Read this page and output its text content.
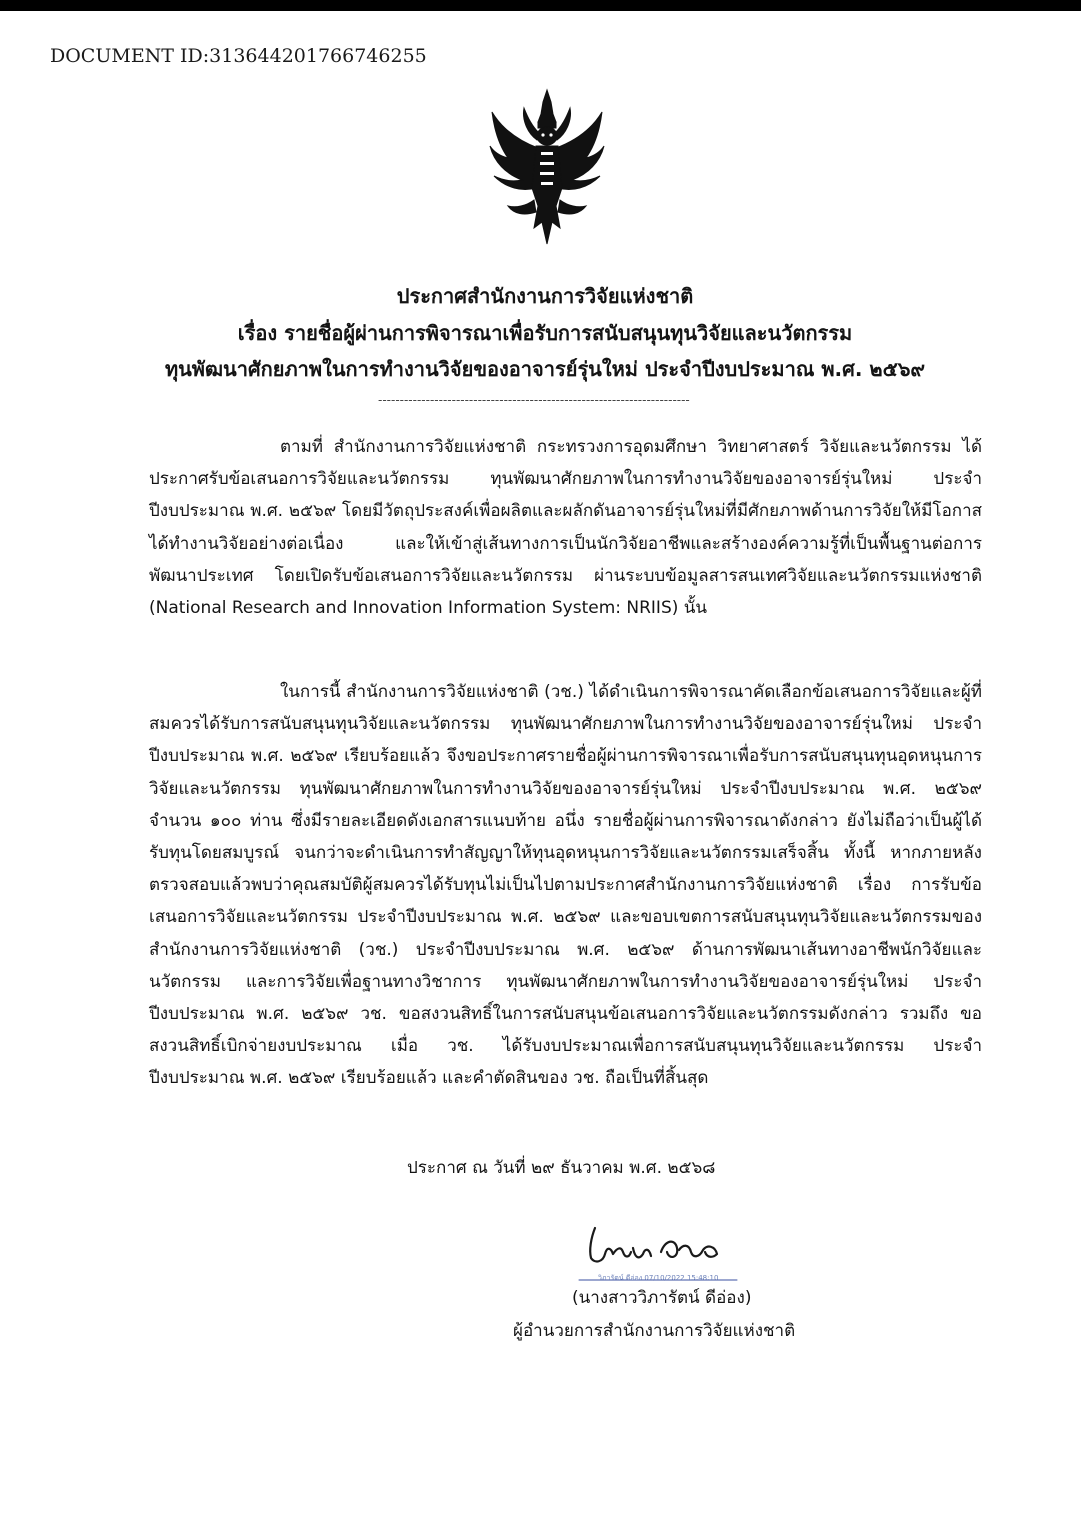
DOCUMENT ID:313644201766746255
ประกาศสำนักงานการวิจัยแห่งชาติ
เรื่อง รายชื่อผู้ผ่านการพิจารณาเพื่อรับการสนับสนุนทุนวิจัยและนวัตกรรม
ทุนพัฒนาศักยภาพในการทำงานวิจัยของอาจารย์รุ่นใหม่ ประจำปีงบประมาณ พ.ศ. ๒๕๖๙
------------------------------------------------------------------------

ตามที่ สำนักงานการวิจัยแห่งชาติ กระทรวงการอุดมศึกษา วิทยาศาสตร์ วิจัยและนวัตกรรม ได้ประกาศรับข้อเสนอการวิจัยและนวัตกรรม ทุนพัฒนาศักยภาพในการทำงานวิจัยของอาจารย์รุ่นใหม่ ประจำปีงบประมาณ พ.ศ. ๒๕๖๙ โดยมีวัตถุประสงค์เพื่อผลิตและผลักดันอาจารย์รุ่นใหม่ที่มีศักยภาพด้านการวิจัยให้มีโอกาสได้ทำงานวิจัยอย่างต่อเนื่อง และให้เข้าสู่เส้นทางการเป็นนักวิจัยอาชีพและสร้างองค์ความรู้ที่เป็นพื้นฐานต่อการพัฒนาประเทศ โดยเปิดรับข้อเสนอการวิจัยและนวัตกรรม ผ่านระบบข้อมูลสารสนเทศวิจัยและนวัตกรรมแห่งชาติ (National Research and Innovation Information System: NRIIS) นั้น

ในการนี้ สำนักงานการวิจัยแห่งชาติ (วช.) ได้ดำเนินการพิจารณาคัดเลือกข้อเสนอการวิจัยและผู้ที่สมควรได้รับการสนับสนุนทุนวิจัยและนวัตกรรม ทุนพัฒนาศักยภาพในการทำงานวิจัยของอาจารย์รุ่นใหม่ ประจำปีงบประมาณ พ.ศ. ๒๕๖๙ เรียบร้อยแล้ว จึงขอประกาศรายชื่อผู้ผ่านการพิจารณาเพื่อรับการสนับสนุนทุนอุดหนุนการวิจัยและนวัตกรรม ทุนพัฒนาศักยภาพในการทำงานวิจัยของอาจารย์รุ่นใหม่ ประจำปีงบประมาณ พ.ศ. ๒๕๖๙ จำนวน ๑๐๐ ท่าน ซึ่งมีรายละเอียดดังเอกสารแนบท้าย อนึ่ง รายชื่อผู้ผ่านการพิจารณาดังกล่าว ยังไม่ถือว่าเป็นผู้ได้รับทุนโดยสมบูรณ์ จนกว่าจะดำเนินการทำสัญญาให้ทุนอุดหนุนการวิจัยและนวัตกรรมเสร็จสิ้น ทั้งนี้ หากภายหลังตรวจสอบแล้วพบว่าคุณสมบัติผู้สมควรได้รับทุนไม่เป็นไปตามประกาศสำนักงานการวิจัยแห่งชาติ เรื่อง การรับข้อเสนอการวิจัยและนวัตกรรม ประจำปีงบประมาณ พ.ศ. ๒๕๖๙ และขอบเขตการสนับสนุนทุนวิจัยและนวัตกรรมของสำนักงานการวิจัยแห่งชาติ (วช.) ประจำปีงบประมาณ พ.ศ. ๒๕๖๙ ด้านการพัฒนาเส้นทางอาชีพนักวิจัยและนวัตกรรม และการวิจัยเพื่อฐานทางวิชาการ ทุนพัฒนาศักยภาพในการทำงานวิจัยของอาจารย์รุ่นใหม่ ประจำปีงบประมาณ พ.ศ. ๒๕๖๙ วช. ขอสงวนสิทธิ์ในการสนับสนุนข้อเสนอการวิจัยและนวัตกรรมดังกล่าว รวมถึง ขอสงวนสิทธิ์เบิกจ่ายงบประมาณ เมื่อ วช. ได้รับงบประมาณเพื่อการสนับสนุนทุนวิจัยและนวัตกรรม ประจำปีงบประมาณ พ.ศ. ๒๕๖๙ เรียบร้อยแล้ว และคำตัดสินของ วช. ถือเป็นที่สิ้นสุด

ประกาศ ณ วันที่ ๒๙ ธันวาคม พ.ศ. ๒๕๖๘
วิภารัตน์ ดีอ่อง 07/10/2022 15:48:10
(นางสาววิภารัตน์ ดีอ่อง)
ผู้อำนวยการสำนักงานการวิจัยแห่งชาติ
